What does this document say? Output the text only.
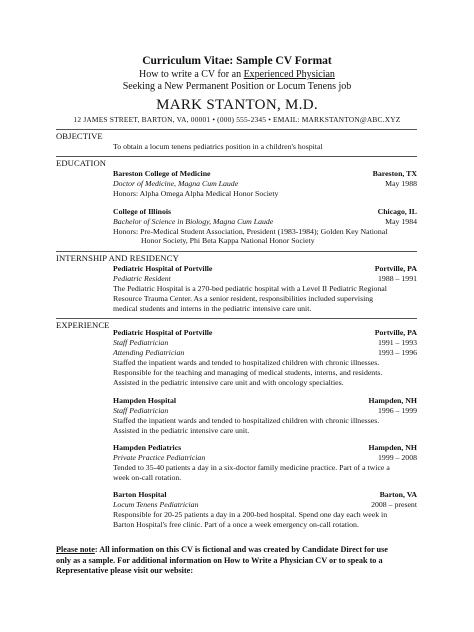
Curriculum Vitae: Sample CV Format
How to write a CV for an Experienced Physician
Seeking a New Permanent Position or Locum Tenens job
MARK STANTON, M.D.
12 JAMES STREET, BARTON, VA, 00001 • (000) 555-2345 • EMAIL: MARKSTANTON@ABC.XYZ
OBJECTIVE
To obtain a locum tenens pediatrics position in a children's hospital
EDUCATION
Bareston College of Medicine	Bareston, TX
Doctor of Medicine, Magna Cum Laude	May 1988
Honors: Alpha Omega Alpha Medical Honor Society
College of Illinois	Chicago, IL
Bachelor of Science in Biology, Magna Cum Laude	May 1984
Honors: Pre-Medical Student Association, President (1983-1984); Golden Key National
Honor Society, Phi Beta Kappa National Honor Society
INTERNSHIP AND RESIDENCY
Pediatric Hospital of Portville	Portville, PA
Pediatric Resident	1988 – 1991
The Pediatric Hospital is a 270-bed pediatric hospital with a Level II Pediatric Regional
Resource Trauma Center. As a senior resident, responsibilities included supervising
medical students and interns in the pediatric intensive care unit.
EXPERIENCE
Pediatric Hospital of Portville	Portville, PA
Staff Pediatrician	1991 – 1993
Attending Pediatrician	1993 – 1996
Staffed the inpatient wards and tended to hospitalized children with chronic illnesses.
Responsible for the teaching and managing of medical students, interns, and residents.
Assisted in the pediatric intensive care unit and with oncology specialties.
Hampden Hospital	Hampden, NH
Staff Pediatrician	1996 – 1999
Staffed the inpatient wards and tended to hospitalized children with chronic illnesses.
Assisted in the pediatric intensive care unit.
Hampden Pediatrics	Hampden, NH
Private Practice Pediatrician	1999 – 2008
Tended to 35-40 patients a day in a six-doctor family medicine practice. Part of a twice a
week on-call rotation.
Barton Hospital	Barton, VA
Locum Tenens Pediatrician	2008 – present
Responsible for 20-25 patients a day in a 200-bed hospital. Spend one day each week in
Barton Hospital's free clinic. Part of a once a week emergency on-call rotation.
Please note: All information on this CV is fictional and was created by Candidate Direct for use
only as a sample. For additional information on How to Write a Physician CV or to speak to a
Representative please visit our website:
